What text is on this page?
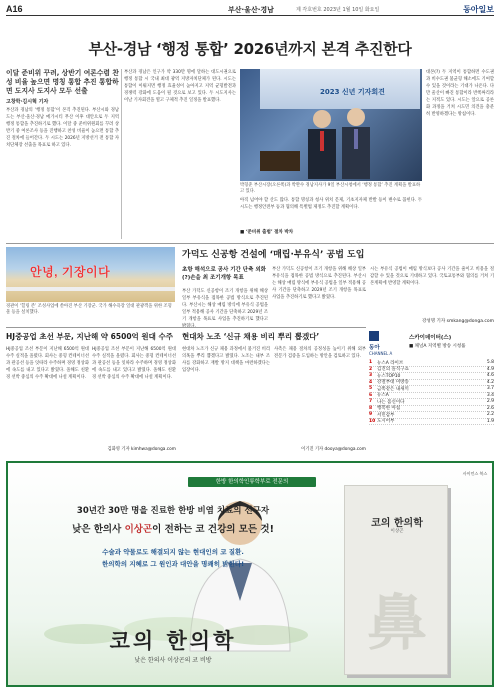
A16	부산·울산·경남	제 각호번호 2023년 1월 10일 화요일	동아일보
부산-경남 ‘행정 통합’ 2026년까지 본격 추진한다
이달 준비위 꾸려, 상반기 여론수렴 찬성 비율 높으면 명칭 통합 추진 통합하면 도지사 도지사 모두 선출
고창학·김시혁 기자
부산과 경남의 ‘행정 통합’이 본격 추진된다. 부산시와 경남도는 부산·울산·경남 메가시티 무산 이후 대안으로 두 지역 행정 통합을 추진하기로 했다. 이달 중 준비위원회를 꾸려 상반기 중 여론조사 등을 진행하고 찬성 비율이 높으면 통합 추진 절차에 들어간다. 두 시도는 2026년 지방선거 전 통합 자치단체장 선출을 목표로 하고 있다.
부산과 경남은 인구가 약 330만 명에 달하는 대도시권으로 행정 통합 시 국내 최대 광역 지방자치단체가 된다. 시도는 통합이 이뤄지면 행정 효율성이 높아지고 지역 균형발전과 경쟁력 강화에 도움이 될 것으로 보고 있다. 두 시도지사는 이날 기자회견을 열고 구체적 추진 일정을 발표했다.
2023 신년 기자회견
박형준 부산시장(오른쪽)과 박완수 경남지사가 9일 부산시청에서 ‘행정 통합’ 추진 계획을 발표하고 있다.
대본(?) 두 지역이 통합하면 수도권과 비수도권 불균형 해소에도 기여할 수 있을 것이라는 기대가 나온다. 다만 울산이 빠진 통합이라 반쪽짜리라는 지적도 있다. 시도는 앞으로 공론화 과정을 거쳐 시도민 의견을 충분히 반영하겠다는 방침이다.
아직 넘어야 할 산도 많다. 통합 명칭과 청사 위치 문제, 기초지자체 반발 등이 변수로 꼽힌다. 두 시도는 행정안전부 등과 협의해 특별법 제정도 추진할 계획이다.
■ ‘준비위 출범’ 절차 박차
안녕, 기장이다
경관이 ‘힐링 존’ 조성사업에 쏟아진 부산 기장군. 국가 해수욕장 일대 관광객을 위한 조형물 등을 설치했다.
가덕도 신공항 건설에 ‘매립·부유식’ 공법 도입
초항 해석으로 공사 기간 단축 외화(?)손을 최 조기개항 목표
부산 가덕도 신공항이 조기 개항을 위해 해상 일부 부유식을 접목한 공법 방식으로 추진된다. 부산시는 해상 매립 방식에 부유식 공법을 일부 적용해 공사 기간을 단축하고 2029년 조기 개항을 목표로 사업을 추진하기로 했다고
부산 가덕도 신공항이 조기 개항을 위해 해상 일부 부유식을 접목한 공법 방식으로 추진된다. 부산시는 해상 매립 방식에 부유식 공법을 일부 적용해 공사 기간을 단축하고 2029년 조기 개항을 목표로 사업을 추진하기로 했다고 밝혔다.
시는 부유식 공법이 매립 방식보다 공사 기간을 줄이고 비용을 절감할 수 있을 것으로 기대하고 있다. 국토교통부와 협의를 거쳐 기본계획에 반영할 계획이다.
강성명 기자 smkang@donga.com
HJ중공업 초선 부문, 지난해 약 6500억 원대 수주
HJ중공업 조선 부문이 지난해 6500억 원대 수주 실적을 올렸다. 회사는 중형 컨테이너선과 관공선 등을 잇따라 수주하며 경영 정상화에 속도를 내고 있다고 밝혔다. 올해도 친환경 선박 중심의 수주 확대에 나설 계획이다.
HJ중공업 조선 부문이 지난해 6500억 원대 수주 실적을 올렸다. 회사는 중형 컨테이너선과 관공선 등을 잇따라 수주하며 경영 정상화에 속도를 내고 있다고 밝혔다. 올해도 친환경 선박 중심의 수주 확대에 나설 계획이다.
김화영 기자 kimhwa@donga.com
현대차 노조 ‘신규 채용 비리 뿌리 뽑겠다’
현대차 노조가 신규 채용 과정에서 불거진 비리 의혹을 뿌리 뽑겠다고 밝혔다. 노조는 내부 조사를 강화하고 재발 방지 대책을 마련하겠다는 입장이다.
사측은 채용 절차의 공정성을 높이기 위해 외부 전문가 검증을 도입하는 방안을 검토하고 있다.
이기진 기자 dooya@donga.com
동아
CHANNEL A
스카이데이터(스)
■ 채널A 지역별 방송 시청률
1	뉴스A 라이브	5.8
2	김진의 돌직구쇼	4.9
3	뉴스TOP10	4.6
4	강철부대 미방송	4.2
5	금쪽같은 내새끼	3.7
6	뉴스A	3.4
7	나는 몸신이다	2.9
8	행복한 아침	2.6
9	서민갑부	2.2
10 도시어부	1.9
한방 한의학인류학부로 전문의
30년간 30만 명을 진료한 한방 비염 치료의 선구자
낮은 한의사 이상곤이 전하는 코 건강의 모든 것!
수술과 약물로도 해결되지 않는 현대인의 코 질환.
한의학의 지혜로 그 원인과 대안을 명쾌히 밝힌다!
코의 한의학
낮은 한의사 이상곤의 코 비방
코의 한의학
이상곤
鼻
사이언스 북스
